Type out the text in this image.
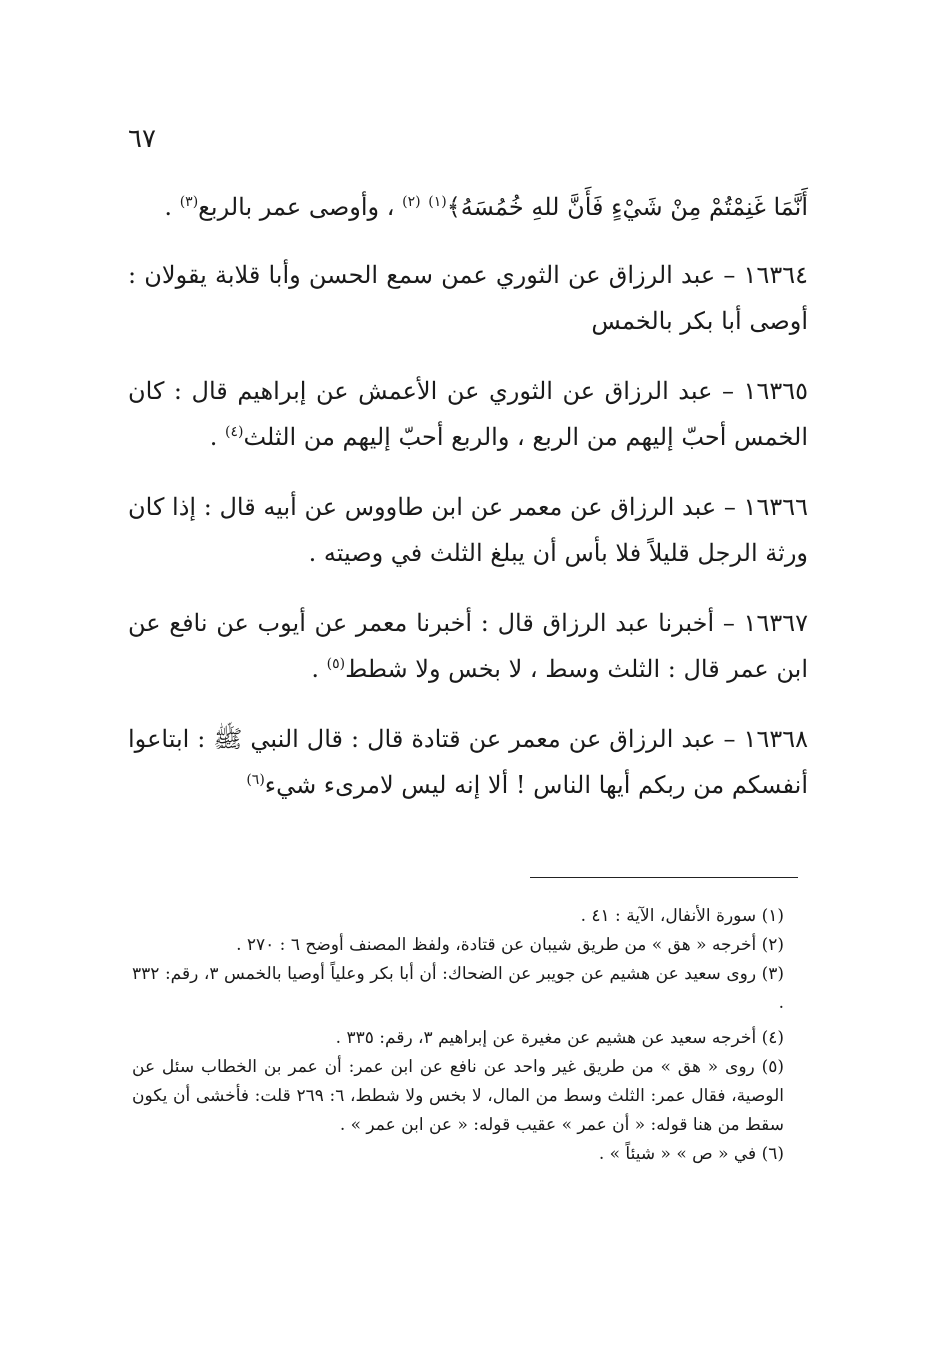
٦٧

أَنَّمَا غَنِمْتُمْ مِنْ شَيْءٍ فَأَنَّ للهِ خُمُسَهُ﴾$^{(١)}$ $^{(٢)}$ ، وأوصى عمر بالربع$^{(٣)}$ .

١٦٣٦٤ – عبد الرزاق عن الثوري عمن سمع الحسن وأبا قلابة يقولان : أوصى أبا بكر بالخمس

١٦٣٦٥ – عبد الرزاق عن الثوري عن الأعمش عن إبراهيم قال : كان الخمس أحبّ إليهم من الربع ، والربع أحبّ إليهم من الثلث$^{(٤)}$ .

١٦٣٦٦ – عبد الرزاق عن معمر عن ابن طاووس عن أبيه قال : إذا كان ورثة الرجل قليلاً فلا بأس أن يبلغ الثلث في وصيته .

١٦٣٦٧ – أخبرنا عبد الرزاق قال : أخبرنا معمر عن أيوب عن نافع عن ابن عمر قال : الثلث وسط ، لا بخس ولا شطط$^{(٥)}$ .

١٦٣٦٨ – عبد الرزاق عن معمر عن قتادة قال : قال النبي ﷺ : ابتاعوا أنفسكم من ربكم أيها الناس ! ألا إنه ليس لامرىء شيء$^{(٦)}$

(١) سورة الأنفال، الآية : ٤١ .

(٢) أخرجه « هق » من طريق شيبان عن قتادة، ولفظ المصنف أوضح ٦ : ٢٧٠ .

(٣) روى سعيد عن هشيم عن جويبر عن الضحاك: أن أبا بكر وعلياً أوصيا بالخمس ٣، رقم: ٣٣٢ .

(٤) أخرجه سعيد عن هشيم عن مغيرة عن إبراهيم ٣، رقم: ٣٣٥ .

(٥) روى « هق » من طريق غير واحد عن نافع عن ابن عمر: أن عمر بن الخطاب سئل عن الوصية، فقال عمر: الثلث وسط من المال، لا بخس ولا شطط، ٦: ٢٦٩ قلت: فأخشى أن يكون سقط من هنا قوله: « أن عمر » عقيب قوله: « عن ابن عمر » .

(٦) في « ص » « شيئاً » .
